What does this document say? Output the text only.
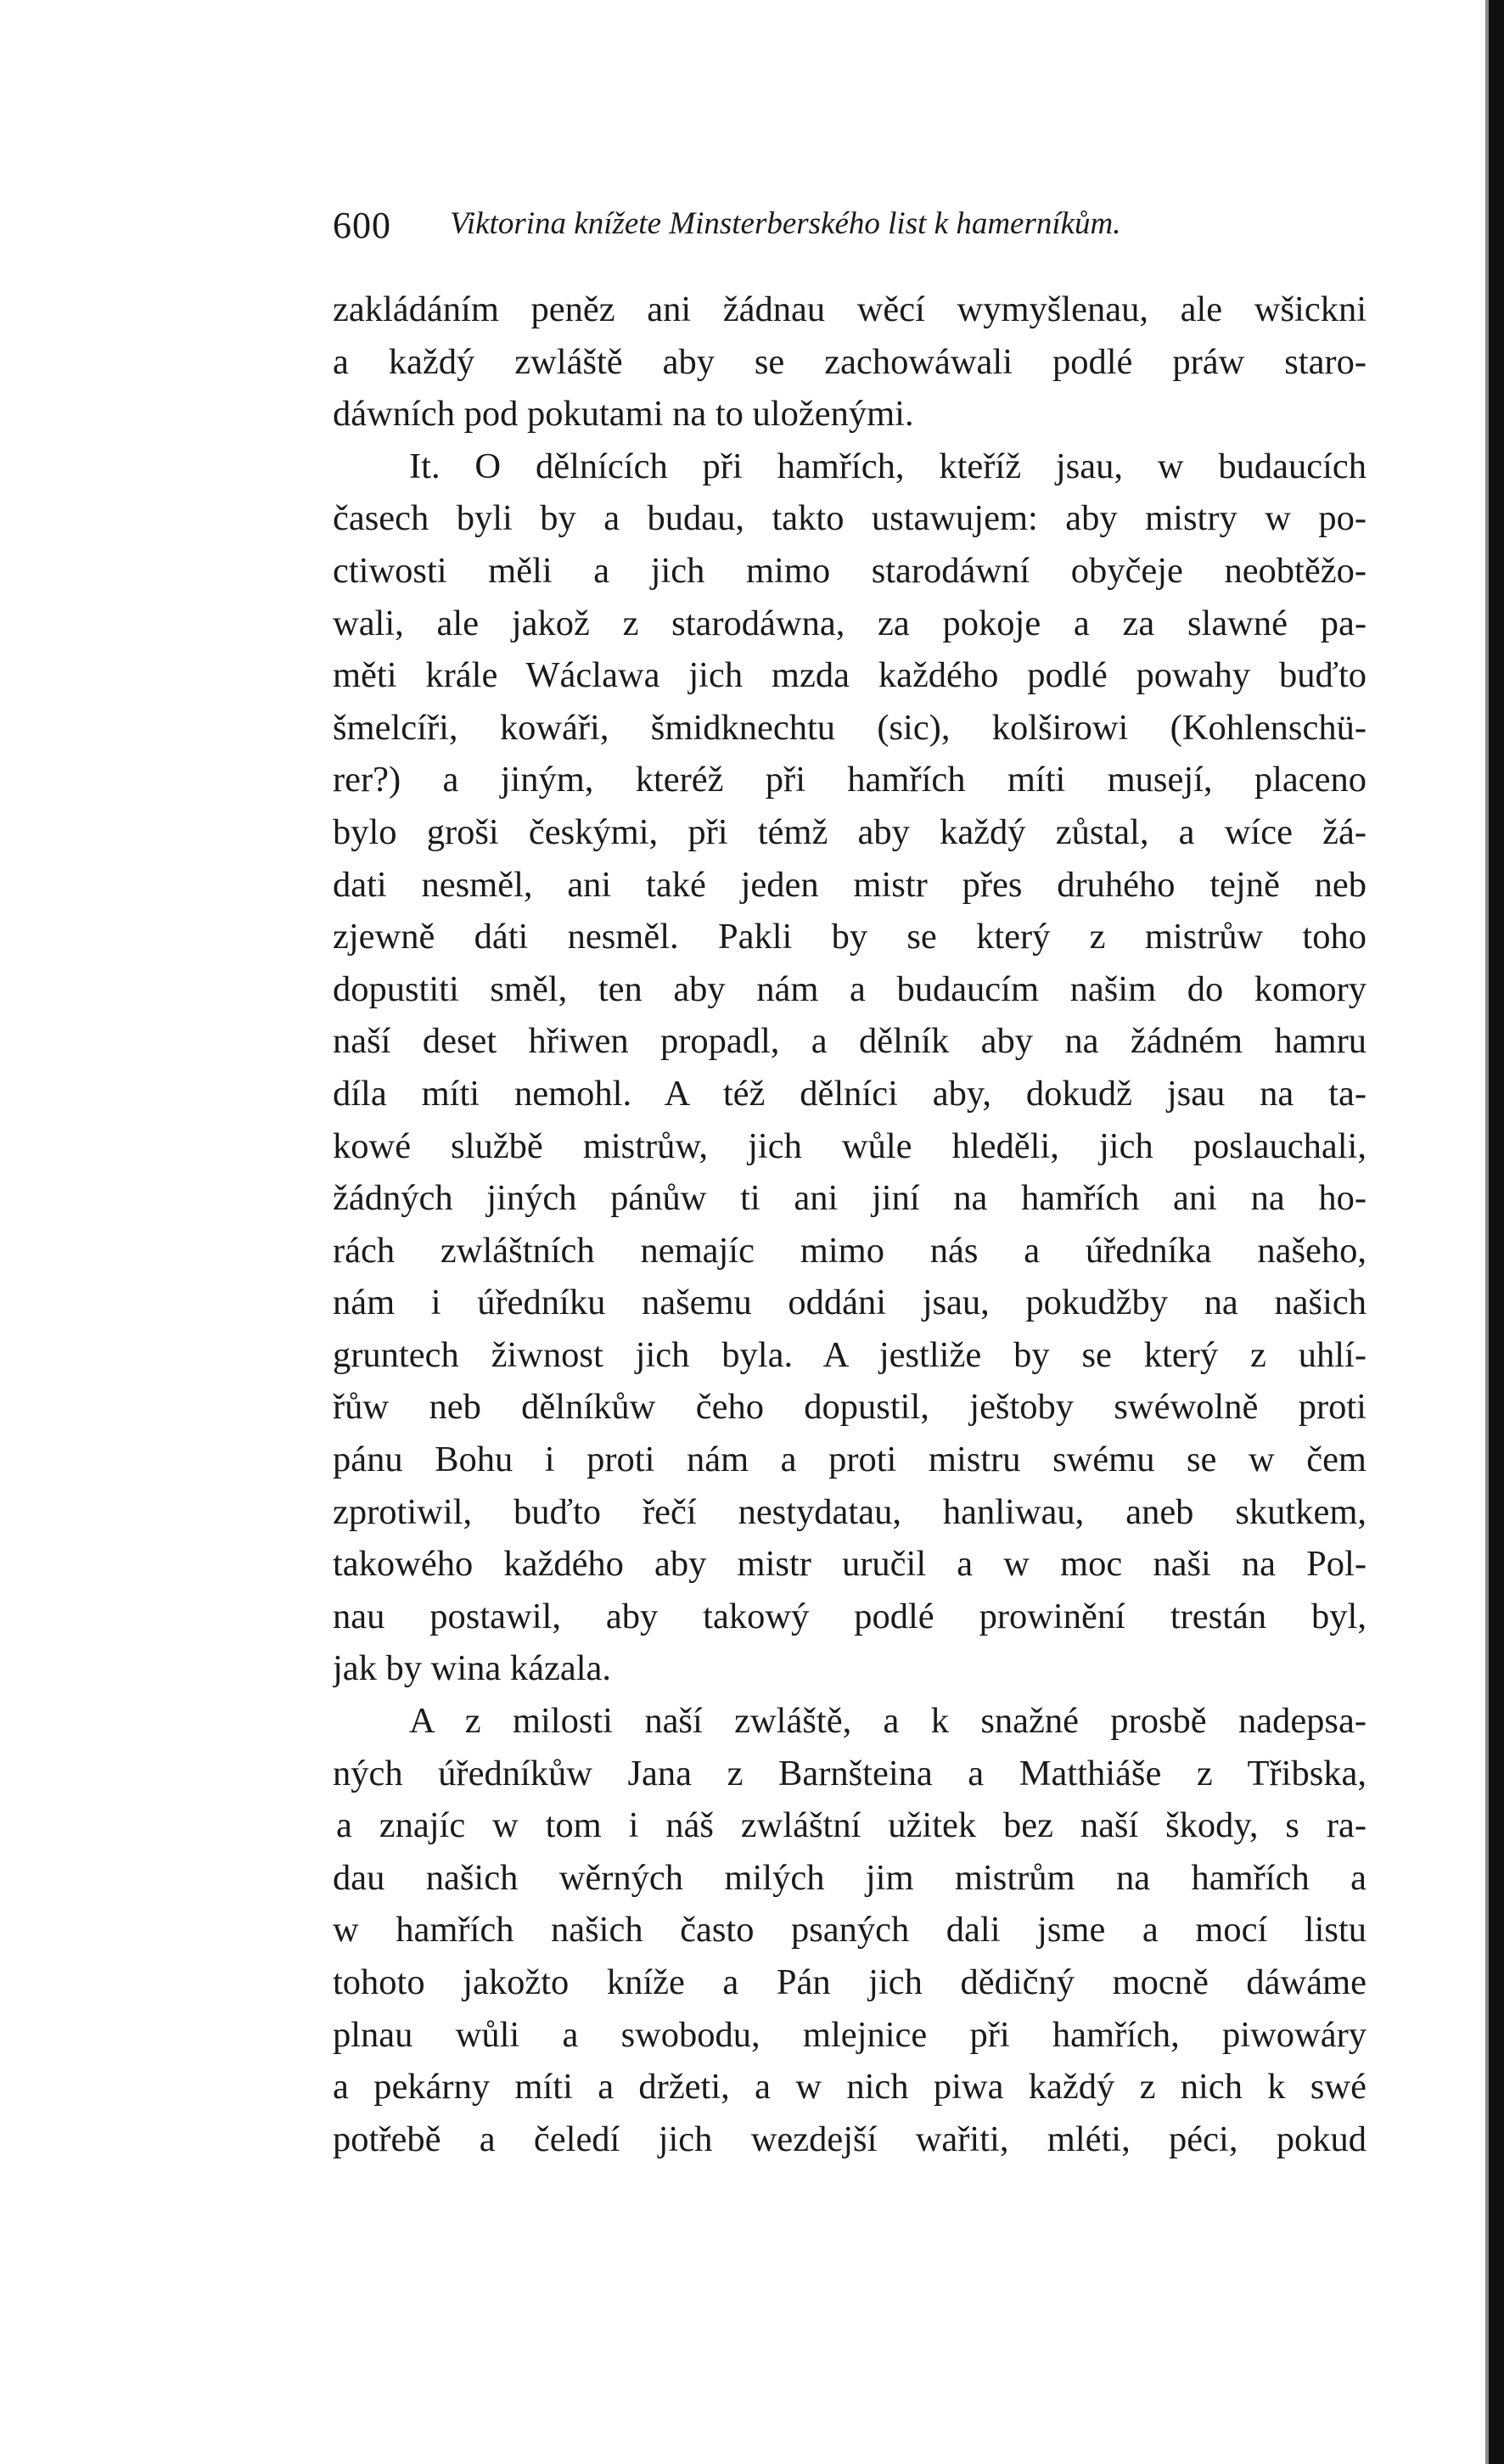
600 Viktorina knížete Minsterberského list k hamerníkům.
zakládáním peněz ani žádnau wěcí wymyšlenau, ale wšickni
a každý zwláště aby se zachowáwali podlé práw staro-
dáwních pod pokutami na to uloženými.
It. O dělnících při hamřích, kteříž jsau, w budaucích
časech byli by a budau, takto ustawujem: aby mistry w po-
ctiwosti měli a jich mimo starodáwní obyčeje neobtěžo-
wali, ale jakož z starodáwna, za pokoje a za slawné pa-
měti krále Wáclawa jich mzda každého podlé powahy buďto
šmelcíři, kowáři, šmidknechtu (sic), kolširowi (Kohlenschü-
rer?) a jiným, kteréž při hamřích míti musejí, placeno
bylo groši českými, při témž aby každý zůstal, a wíce žá-
dati nesměl, ani také jeden mistr přes druhého tejně neb
zjewně dáti nesměl. Pakli by se který z mistrůw toho
dopustiti směl, ten aby nám a budaucím našim do komory
naší deset hřiwen propadl, a dělník aby na žádném hamru
díla míti nemohl. A též dělníci aby, dokudž jsau na ta-
kowé službě mistrůw, jich wůle hleděli, jich poslauchali,
žádných jiných pánůw ti ani jiní na hamřích ani na ho-
rách zwláštních nemajíc mimo nás a úředníka našeho,
nám i úředníku našemu oddáni jsau, pokudžby na našich
gruntech žiwnost jich byla. A jestliže by se který z uhlí-
řůw neb dělníkůw čeho dopustil, ještoby swéwolně proti
pánu Bohu i proti nám a proti mistru swému se w čem
zprotiwil, buďto řečí nestydatau, hanliwau, aneb skutkem,
takowého každého aby mistr uručil a w moc naši na Pol-
nau postawil, aby takowý podlé prowinění trestán byl,
jak by wina kázala.
A z milosti naší zwláště, a k snažné prosbě nadepsa-
ných úředníkůw Jana z Barnšteina a Matthiáše z Třibska,
a znajíc w tom i náš zwláštní užitek bez naší škody, s ra-
dau našich wěrných milých jim mistrům na hamřích a
w hamřích našich často psaných dali jsme a mocí listu
tohoto jakožto kníže a Pán jich dědičný mocně dáwáme
plnau wůli a swobodu, mlejnice při hamřích, piwowáry
a pekárny míti a držeti, a w nich piwa každý z nich k swé
potřebě a čeledí jich wezdejší wařiti, mléti, péci, pokud
